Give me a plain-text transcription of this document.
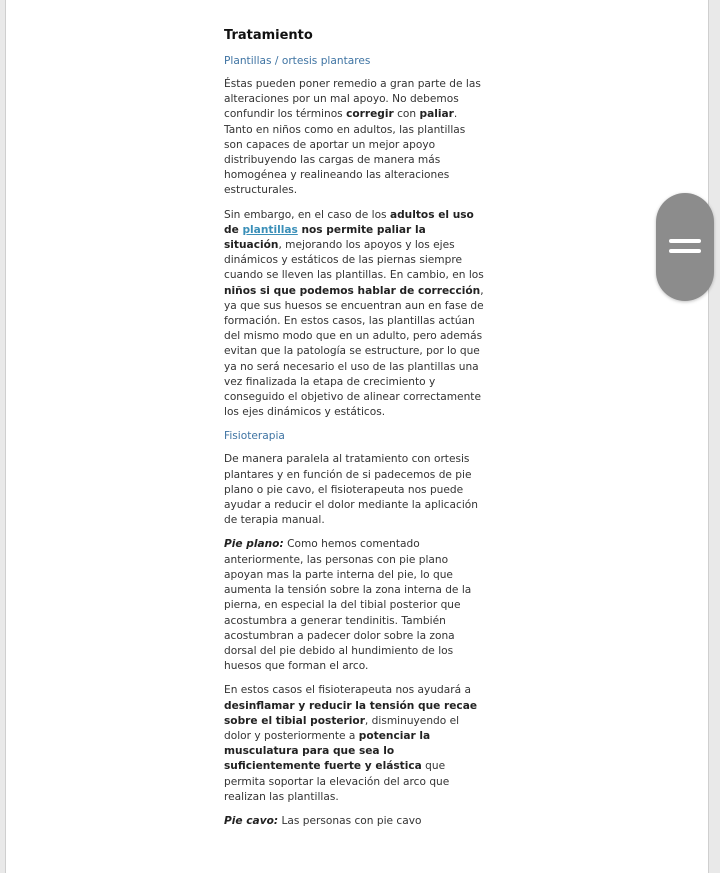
Tratamiento
Plantillas / ortesis plantares

Éstas pueden poner remedio a gran parte de las alteraciones por un mal apoyo. No debemos confundir los términos corregir con paliar. Tanto en niños como en adultos, las plantillas son capaces de aportar un mejor apoyo distribuyendo las cargas de manera más homogénea y realineando las alteraciones estructurales.

Sin embargo, en el caso de los adultos el uso de plantillas nos permite paliar la situación, mejorando los apoyos y los ejes dinámicos y estáticos de las piernas siempre cuando se lleven las plantillas. En cambio, en los niños si que podemos hablar de corrección, ya que sus huesos se encuentran aun en fase de formación. En estos casos, las plantillas actúan del mismo modo que en un adulto, pero además evitan que la patología se estructure, por lo que ya no será necesario el uso de las plantillas una vez finalizada la etapa de crecimiento y conseguido el objetivo de alinear correctamente los ejes dinámicos y estáticos.

Fisioterapia

De manera paralela al tratamiento con ortesis plantares y en función de si padecemos de pie plano o pie cavo, el fisioterapeuta nos puede ayudar a reducir el dolor mediante la aplicación de terapia manual.

Pie plano: Como hemos comentado anteriormente, las personas con pie plano apoyan mas la parte interna del pie, lo que aumenta la tensión sobre la zona interna de la pierna, en especial la del tibial posterior que acostumbra a generar tendinitis. También acostumbran a padecer dolor sobre la zona dorsal del pie debido al hundimiento de los huesos que forman el arco.

En estos casos el fisioterapeuta nos ayudará a desinflamar y reducir la tensión que recae sobre el tibial posterior, disminuyendo el dolor y posteriormente a potenciar la musculatura para que sea lo suficientemente fuerte y elástica que permita soportar la elevación del arco que realizan las plantillas.

Pie cavo: Las personas con pie cavo
